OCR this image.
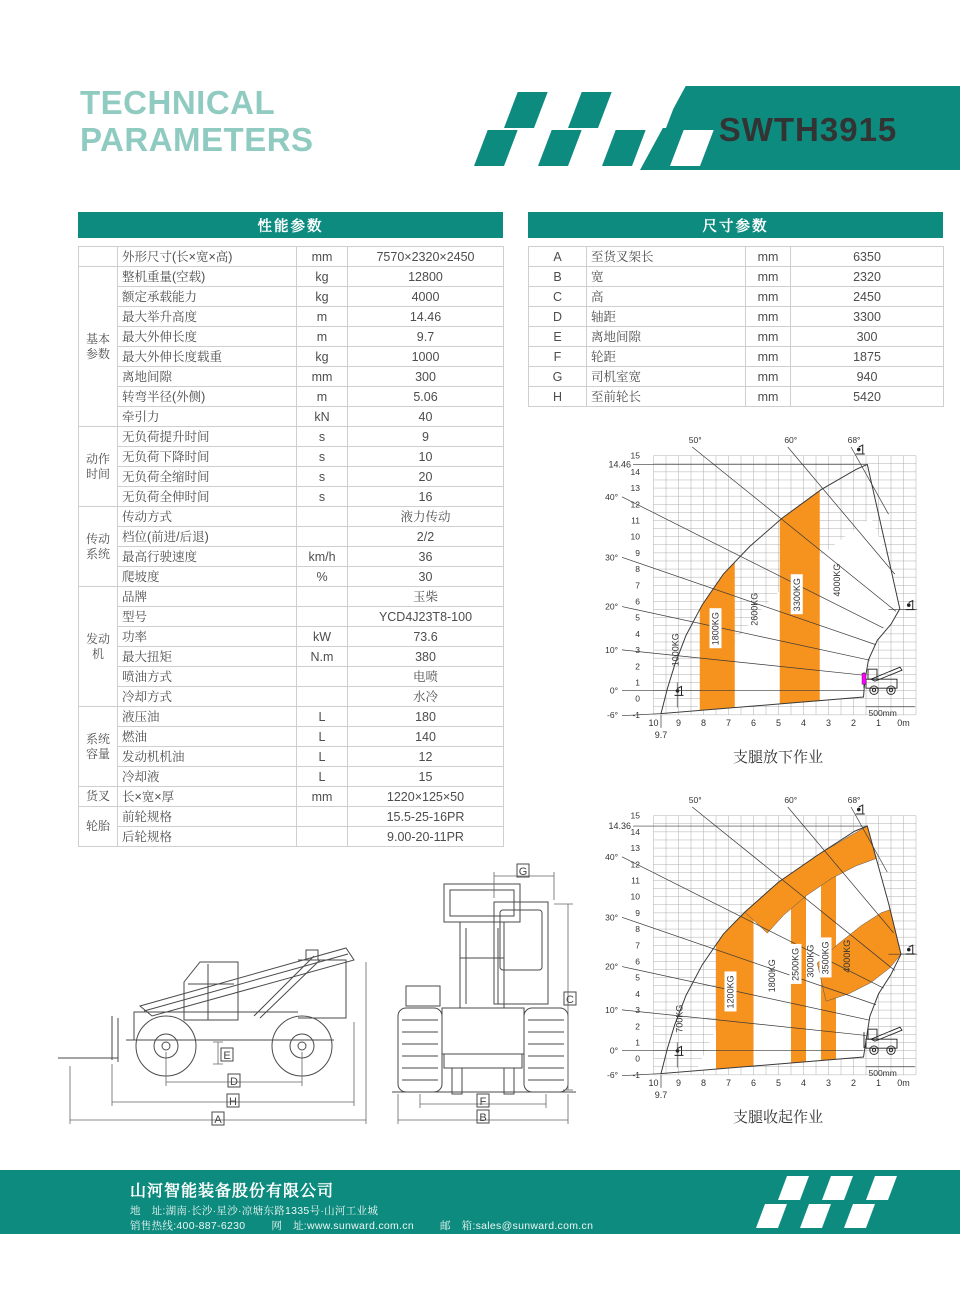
TECHNICAL
PARAMETERS	SWTH3915
性能参数
	外形尺寸(长×宽×高)	mm	7570×2320×2450
基本参数	整机重量(空载)	kg	12800
	额定承载能力	kg	4000
	最大举升高度	m	14.46
	最大外伸长度	m	9.7
	最大外伸长度载重	kg	1000
	离地间隙	mm	300
	转弯半径(外侧)	m	5.06
	牵引力	kN	40
动作时间	无负荷提升时间	s	9
	无负荷下降时间	s	10
	无负荷全缩时间	s	20
	无负荷全伸时间	s	16
传动系统	传动方式		液力传动
	档位(前进/后退)		2/2
	最高行驶速度	km/h	36
	爬坡度	%	30
发动机	品牌		玉柴
	型号		YCD4J23T8-100
	功率	kW	73.6
	最大扭矩	N.m	380
	喷油方式		电喷
	冷却方式		水冷
系统容量	液压油	L	180
	燃油	L	140
	发动机机油	L	12
	冷却液	L	15
货叉	长×宽×厚	mm	1220×125×50
轮胎	前轮规格		15.5-25-16PR
	后轮规格		9.00-20-11PR
尺寸参数
A	至货叉架长	mm	6350
B	宽	mm	2320
C	高	mm	2450
D	轴距	mm	3300
E	离地间隙	mm	300
F	轮距	mm	1875
G	司机室宽	mm	940
H	至前轮长	mm	5420
-6°
0°
10°
20°
30°
40°
50°	60°	68°
14.46
15
14
13
12
11
10
9
8
7
6
5
4
3
2
1
0
-1
10 9 8 7 6 5 4 3 2 1 0m
9.7
500mm
1000KG
1800KG
2600KG	3300KG	4000KG
支腿放下作业
-6°
0°
10°
20°
30°
40°
50°	60°	68°
14.36
15
14
13
12
11
10
9
8
7
6
5
4
3
2
1
0
-1
10 9 8 7 6 5 4 3 2 1 0m
9.7
500mm
700KG
1200KG	1800KG 2500KG 3000KG 3500KG 4000KG
支腿收起作业
E
D
H
A
G
C
F
B
山河智能装备股份有限公司
地　址:湖南·长沙·星沙·凉塘东路1335号·山河工业城
销售热线:400-887-6230 网　址:www.sunward.com.cn 邮　箱:sales@sunward.com.cn
